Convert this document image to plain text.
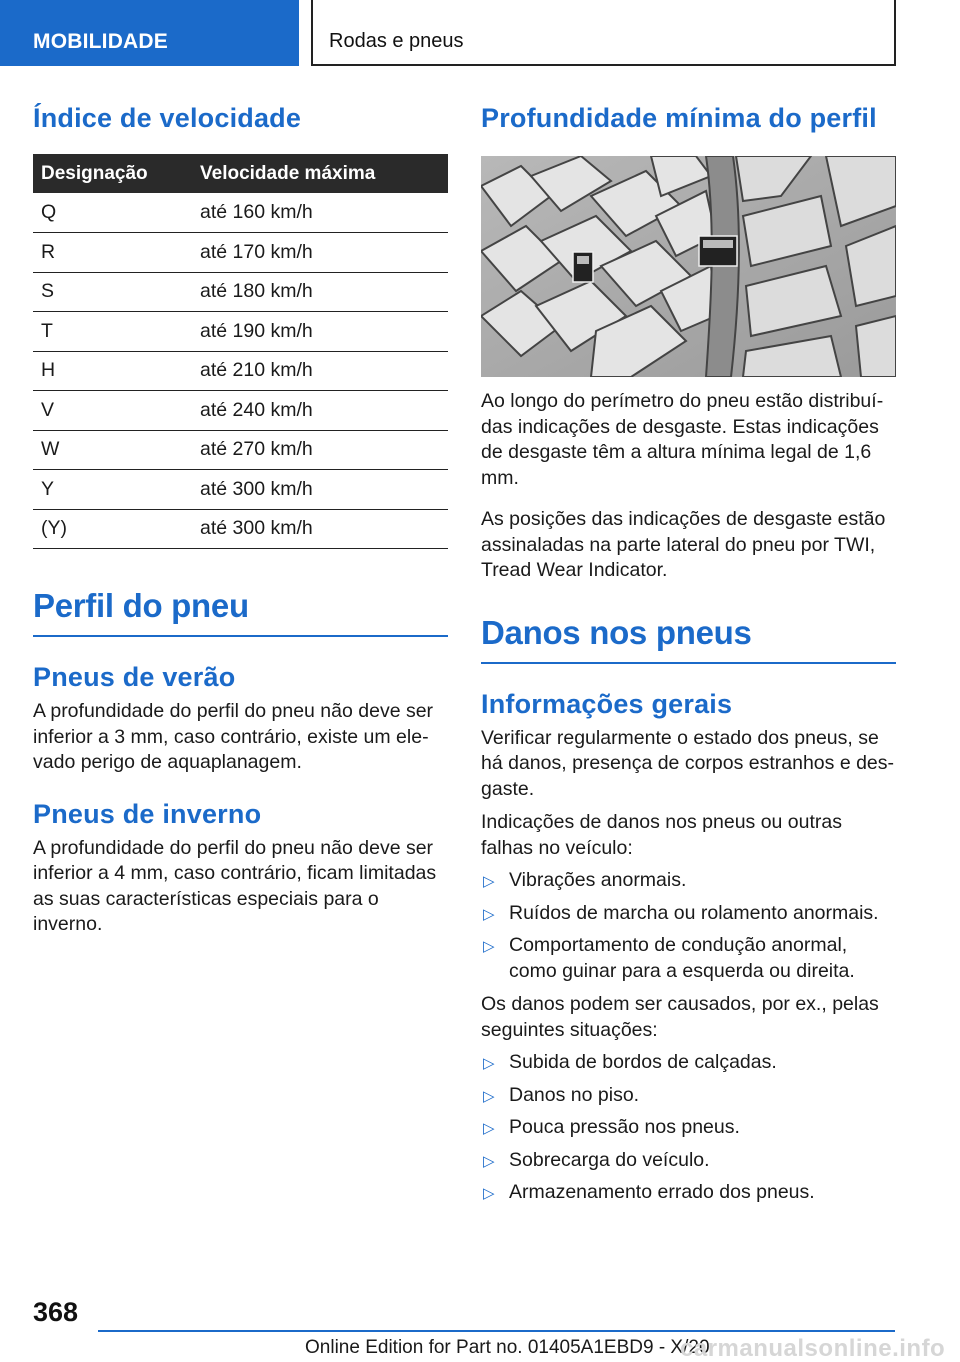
MOBILIDADE	Rodas e pneus
Índice de velocidade
Designação	Velocidade máxima
Q	até 160 km/h
R	até 170 km/h
S	até 180 km/h
T	até 190 km/h
H	até 210 km/h
V	até 240 km/h
W	até 270 km/h
Y	até 300 km/h
(Y)	até 300 km/h
Perfil do pneu
Pneus de verão

A profundidade do perfil do pneu não deve ser inferior a 3 mm, caso contrário, existe um elevado perigo de aquaplanagem.

Pneus de inverno

A profundidade do perfil do pneu não deve ser inferior a 4 mm, caso contrário, ficam limitadas as suas características especiais para o inverno.

Profundidade mínima do perfil

Ao longo do perímetro do pneu estão distribuídas indicações de desgaste. Estas indicações de desgaste têm a altura mínima legal de 1,6 mm.

As posições das indicações de desgaste estão assinaladas na parte lateral do pneu por TWI, Tread Wear Indicator.

Danos nos pneus
Informações gerais

Verificar regularmente o estado dos pneus, se há danos, presença de corpos estranhos e desgaste.

Indicações de danos nos pneus ou outras falhas no veículo:

▷ Vibrações anormais.
▷ Ruídos de marcha ou rolamento anormais.
▷ Comportamento de condução anormal, como guinar para a esquerda ou direita.

Os danos podem ser causados, por ex., pelas seguintes situações:

▷ Subida de bordos de calçadas.
▷ Danos no piso.
▷ Pouca pressão nos pneus.
▷ Sobrecarga do veículo.
▷ Armazenamento errado dos pneus.
368
Online Edition for Part no. 01405A1EBD9 - X/20
carmanualsonline.info
